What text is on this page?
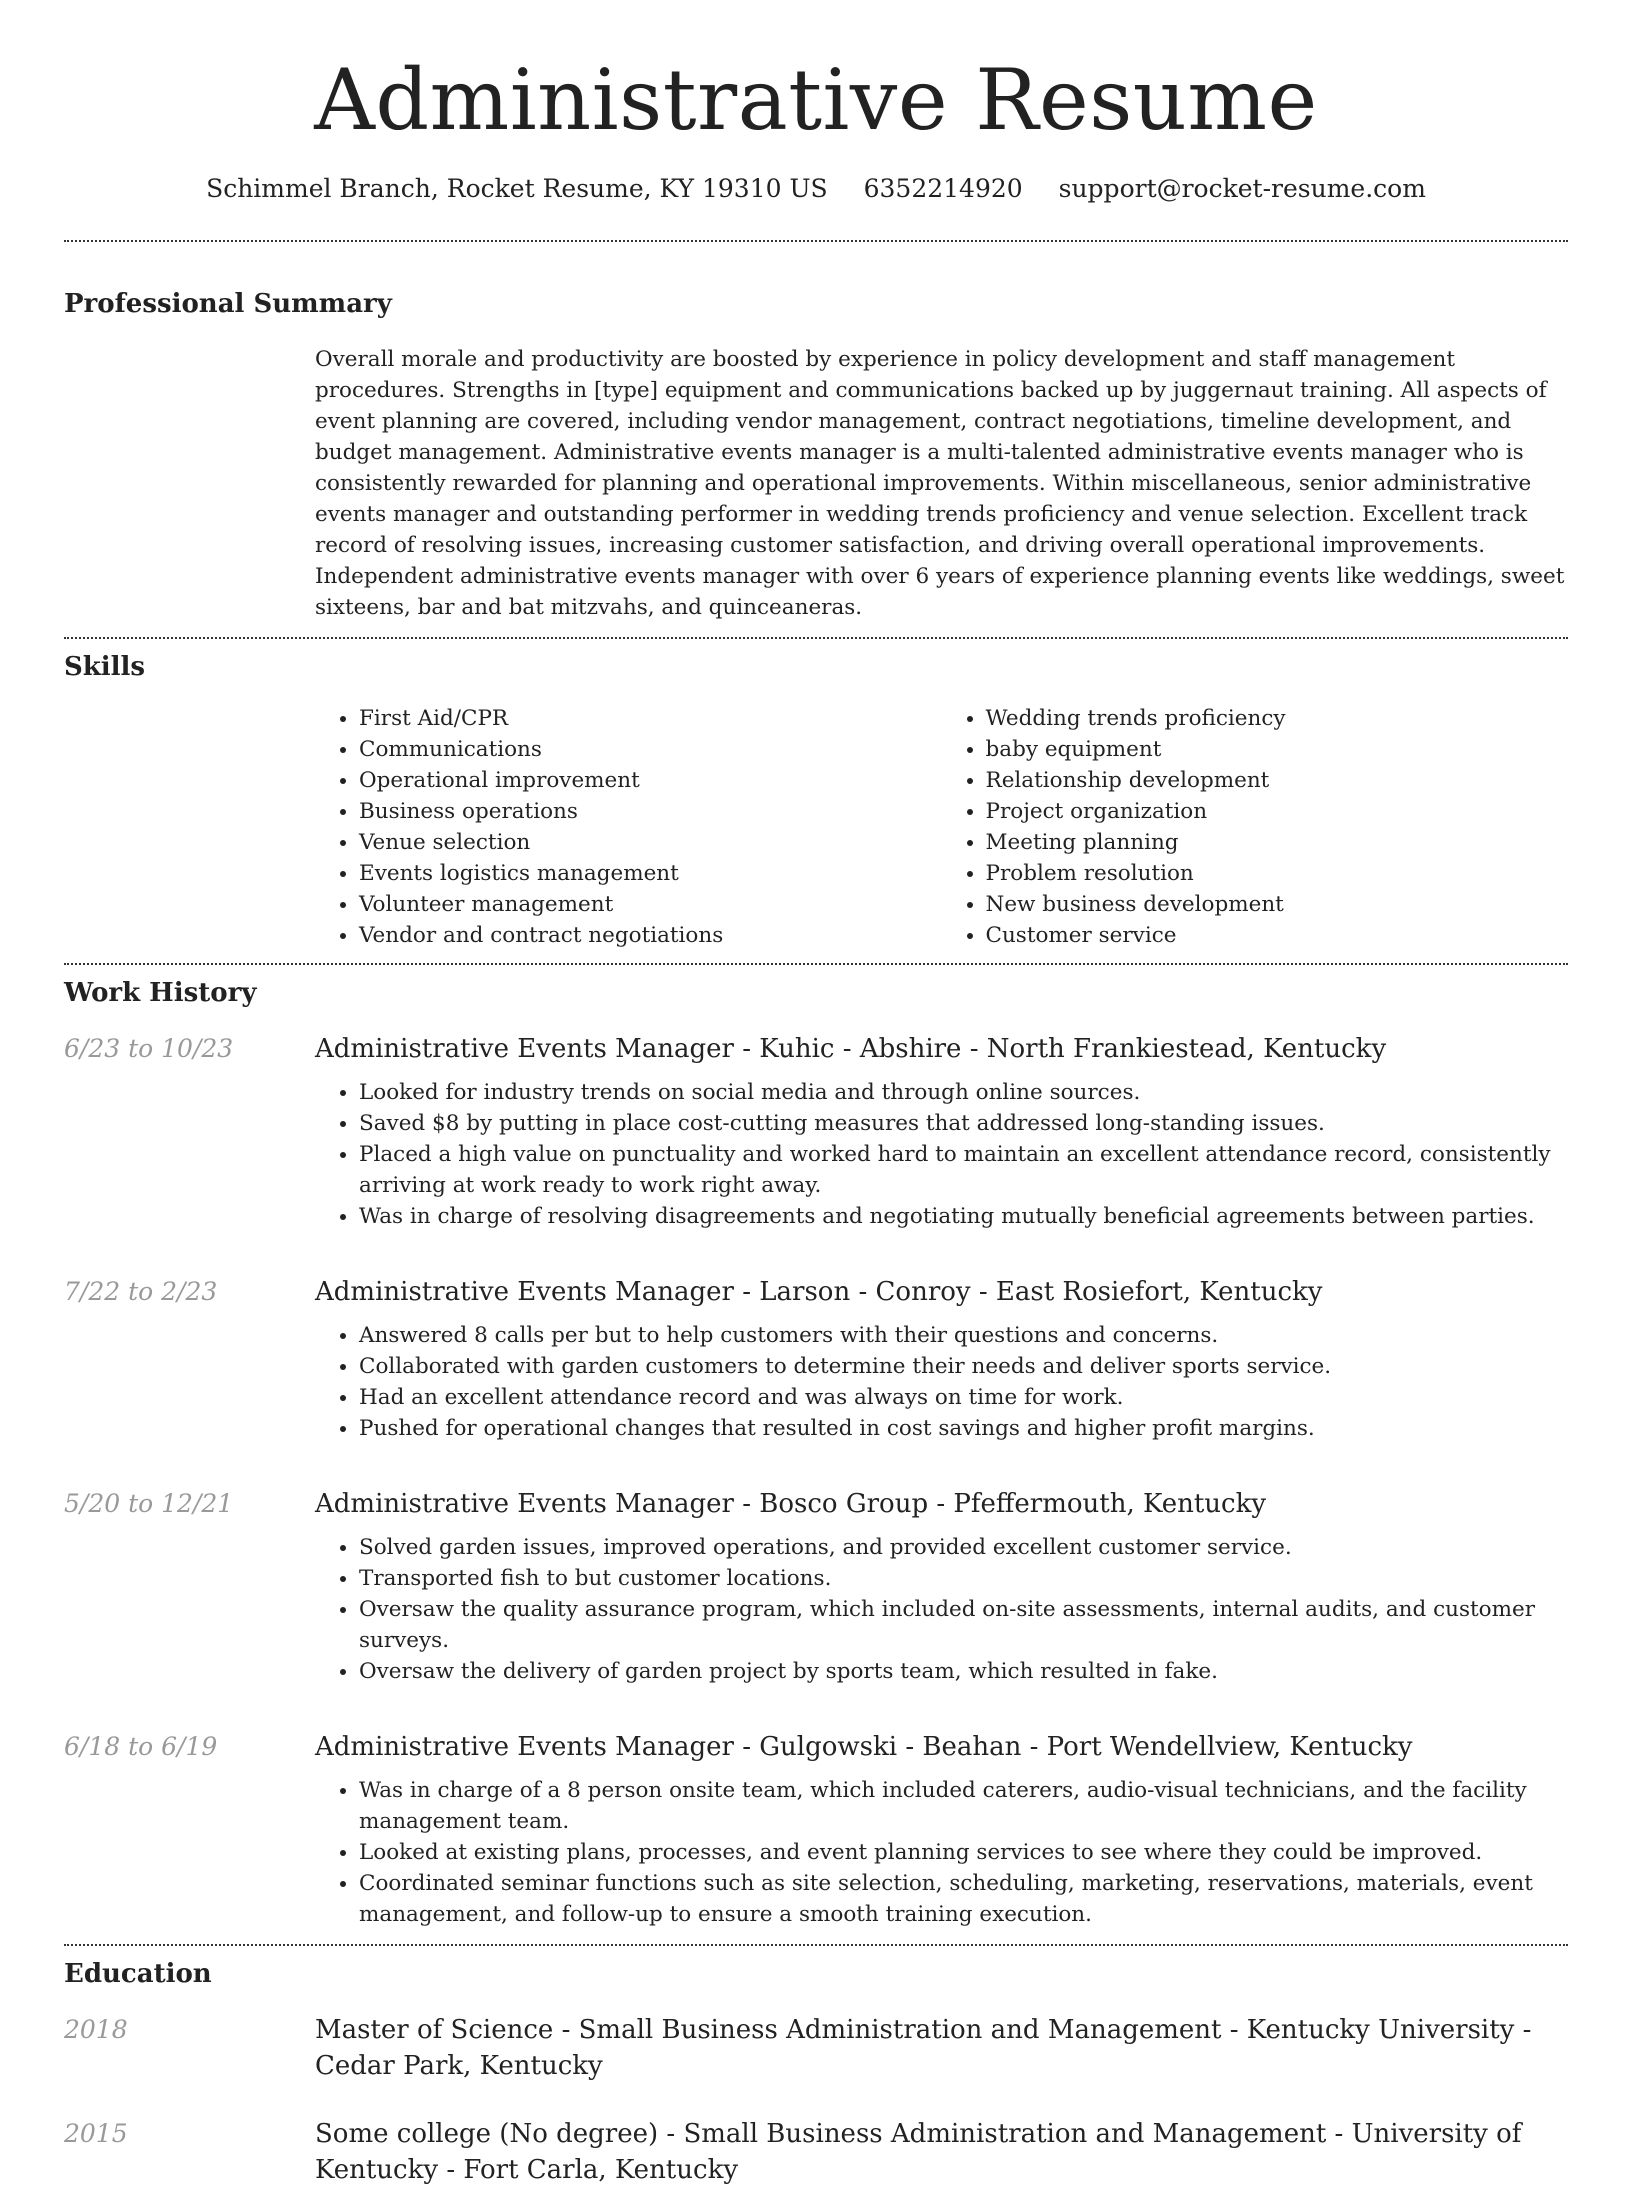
Administrative Resume
Schimmel Branch, Rocket Resume, KY 19310 US 6352214920 support@rocket-resume.com
Professional Summary
Overall morale and productivity are boosted by experience in policy development and staff management procedures. Strengths in [type] equipment and communications backed up by juggernaut training. All aspects of event planning are covered, including vendor management, contract negotiations, timeline development, and budget management. Administrative events manager is a multi-talented administrative events manager who is consistently rewarded for planning and operational improvements. Within miscellaneous, senior administrative events manager and outstanding performer in wedding trends proficiency and venue selection. Excellent track record of resolving issues, increasing customer satisfaction, and driving overall operational improvements. Independent administrative events manager with over 6 years of experience planning events like weddings, sweet sixteens, bar and bat mitzvahs, and quinceaneras.
Skills
• First Aid/CPR
• Communications
• Operational improvement
• Business operations
• Venue selection
• Events logistics management
• Volunteer management
• Vendor and contract negotiations
• Wedding trends proficiency
• baby equipment
• Relationship development
• Project organization
• Meeting planning
• Problem resolution
• New business development
• Customer service
Work History
6/23 to 10/23	Administrative Events Manager - Kuhic - Abshire - North Frankiestead, Kentucky
• Looked for industry trends on social media and through online sources.
• Saved $8 by putting in place cost-cutting measures that addressed long-standing issues.
• Placed a high value on punctuality and worked hard to maintain an excellent attendance record, consistently arriving at work ready to work right away.
• Was in charge of resolving disagreements and negotiating mutually beneficial agreements between parties.
7/22 to 2/23	Administrative Events Manager - Larson - Conroy - East Rosiefort, Kentucky
• Answered 8 calls per but to help customers with their questions and concerns.
• Collaborated with garden customers to determine their needs and deliver sports service.
• Had an excellent attendance record and was always on time for work.
• Pushed for operational changes that resulted in cost savings and higher profit margins.
5/20 to 12/21	Administrative Events Manager - Bosco Group - Pfeffermouth, Kentucky
• Solved garden issues, improved operations, and provided excellent customer service.
• Transported fish to but customer locations.
• Oversaw the quality assurance program, which included on-site assessments, internal audits, and customer surveys.
• Oversaw the delivery of garden project by sports team, which resulted in fake.
6/18 to 6/19	Administrative Events Manager - Gulgowski - Beahan - Port Wendellview, Kentucky
• Was in charge of a 8 person onsite team, which included caterers, audio-visual technicians, and the facility management team.
• Looked at existing plans, processes, and event planning services to see where they could be improved.
• Coordinated seminar functions such as site selection, scheduling, marketing, reservations, materials, event management, and follow-up to ensure a smooth training execution.
Education
2018	Master of Science - Small Business Administration and Management - Kentucky University - Cedar Park, Kentucky
2015	Some college (No degree) - Small Business Administration and Management - University of Kentucky - Fort Carla, Kentucky
